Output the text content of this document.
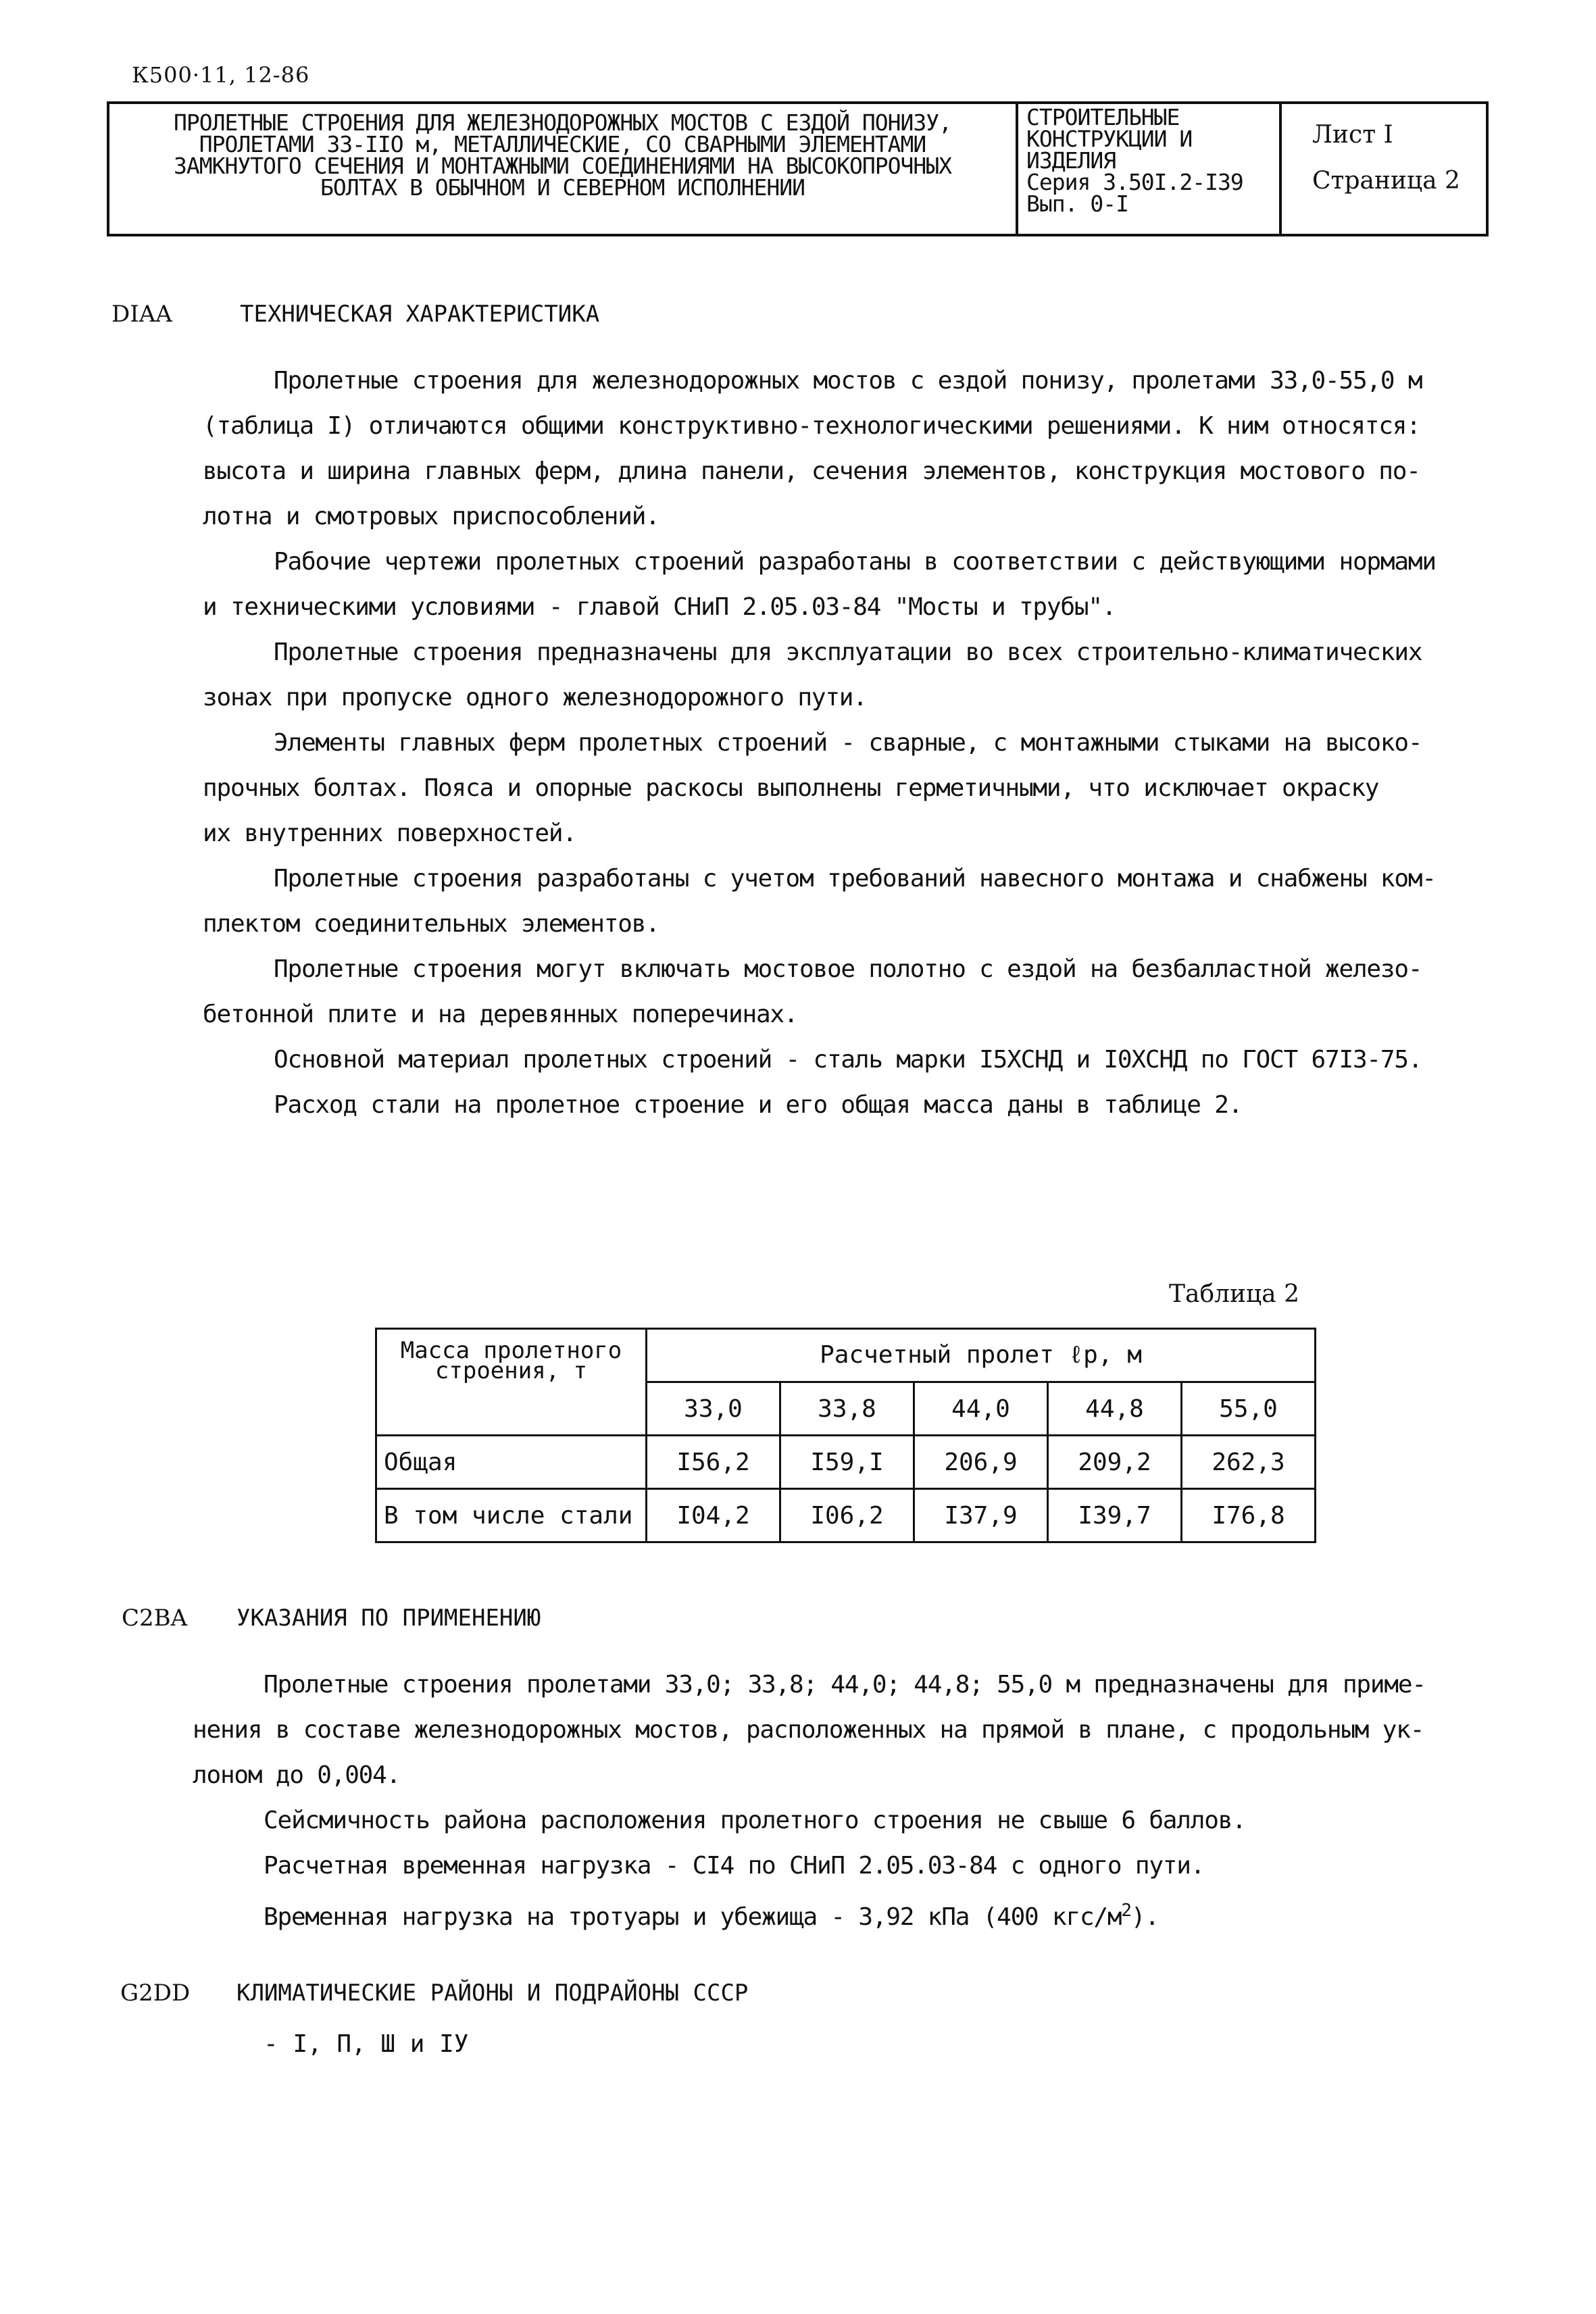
К500·11, 12-86
ПРОЛЕТНЫЕ СТРОЕНИЯ ДЛЯ ЖЕЛЕЗНОДОРОЖНЫХ МОСТОВ С ЕЗДОЙ ПОНИЗУ,
ПРОЛЕТАМИ 33-IIО м, МЕТАЛЛИЧЕСКИЕ, СО СВАРНЫМИ ЭЛЕМЕНТАМИ
ЗАМКНУТОГО СЕЧЕНИЯ И МОНТАЖНЫМИ СОЕДИНЕНИЯМИ НА ВЫСОКОПРОЧНЫХ
БОЛТАХ В ОБЫЧНОМ И СЕВЕРНОМ ИСПОЛНЕНИИ
СТРОИТЕЛЬНЫЕ
КОНСТРУКЦИИ И
ИЗДЕЛИЯ
Серия 3.50I.2-I39
Вып. 0-I
Лист I
Страница 2
DIAA	ТЕХНИЧЕСКАЯ ХАРАКТЕРИСТИКА
Пролетные строения для железнодорожных мостов с ездой понизу, пролетами 33,0-55,0 м
(таблица I) отличаются общими конструктивно-технологическими решениями. К ним относятся:
высота и ширина главных ферм, длина панели, сечения элементов, конструкция мостового по-
лотна и смотровых приспособлений.
Рабочие чертежи пролетных строений разработаны в соответствии с действующими нормами
и техническими условиями - главой СНиП 2.05.03-84 "Мосты и трубы".
Пролетные строения предназначены для эксплуатации во всех строительно-климатических
зонах при пропуске одного железнодорожного пути.
Элементы главных ферм пролетных строений - сварные, с монтажными стыками на высоко-
прочных болтах. Пояса и опорные раскосы выполнены герметичными, что исключает окраску
их внутренних поверхностей.
Пролетные строения разработаны с учетом требований навесного монтажа и снабжены ком-
плектом соединительных элементов.
Пролетные строения могут включать мостовое полотно с ездой на безбалластной железо-
бетонной плите и на деревянных поперечинах.
Основной материал пролетных строений - сталь марки I5ХСНД и I0ХСНД по ГОСТ 67I3-75.
Расход стали на пролетное строение и его общая масса даны в таблице 2.
Таблица 2
Масса пролетного строения, т	Расчетный пролет ℓр, м				
	33,0	33,8	44,0	44,8	55,0
Общая	I56,2	I59,I	206,9	209,2	262,3
В том числе стали	I04,2	I06,2	I37,9	I39,7	I76,8
C2BA УКАЗАНИЯ ПО ПРИМЕНЕНИЮ
Пролетные строения пролетами 33,0; 33,8; 44,0; 44,8; 55,0 м предназначены для приме-
нения в составе железнодорожных мостов, расположенных на прямой в плане, с продольным ук-
лоном до 0,004.
Сейсмичность района расположения пролетного строения не свыше 6 баллов.
Расчетная временная нагрузка - СI4 по СНиП 2.05.03-84 с одного пути.
Временная нагрузка на тротуары и убежища - 3,92 кПа (400 кгс/$м^2$).
G2DD КЛИМАТИЧЕСКИЕ РАЙОНЫ И ПОДРАЙОНЫ СССР
- I, П, Ш и IУ
